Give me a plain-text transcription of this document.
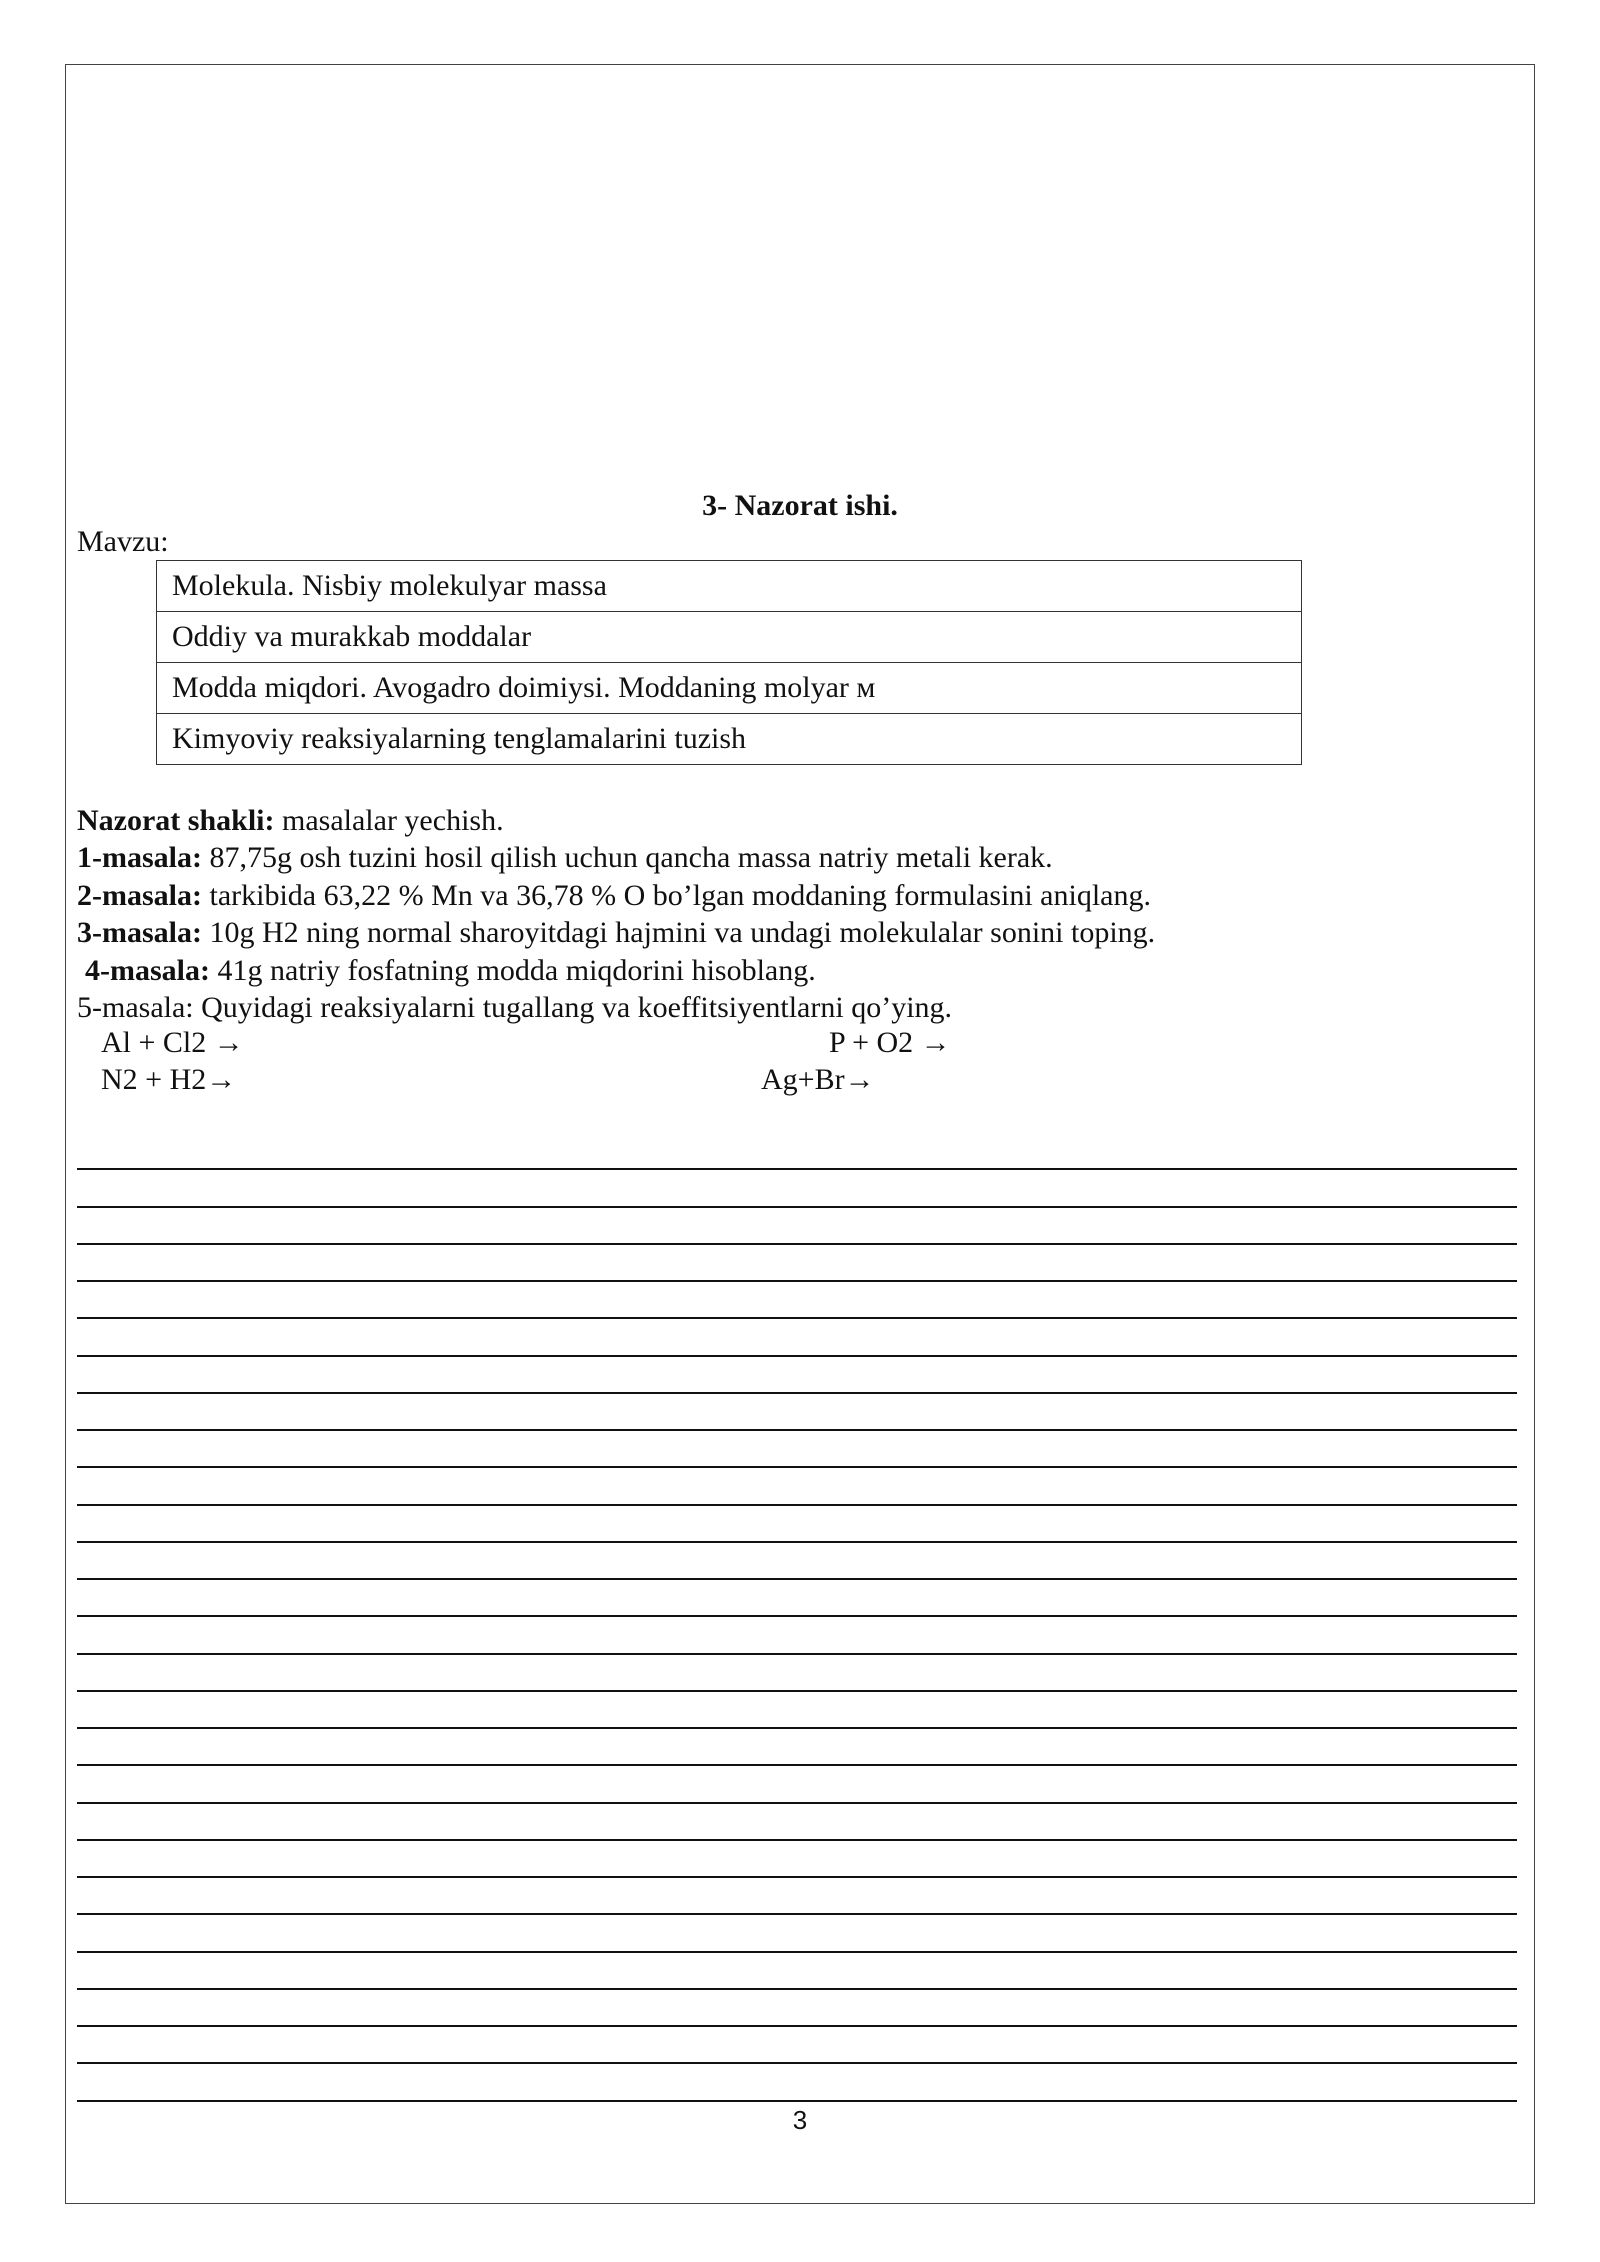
3- Nazorat ishi.
Mavzu:
Molekula. Nisbiy molekulyar massa
Oddiy va murakkab moddalar
Modda miqdori. Avogadro doimiysi. Moddaning molyar м
Kimyoviy reaksiyalarning tenglamalarini tuzish

Nazorat shakli: masalalar yechish.

1-masala: 87,75g osh tuzini hosil qilish uchun qancha massa natriy metali kerak.

2-masala: tarkibida 63,22 % Mn va 36,78 % O bo’lgan moddaning formulasini aniqlang.

3-masala: 10g H2 ning normal sharoyitdagi hajmini va undagi molekulalar sonini toping.

4-masala: 41g natriy fosfatning modda miqdorini hisoblang.

5-masala: Quyidagi reaksiyalarni tugallang va koeffitsiyentlarni qo’ying.

Al + Cl2 →	P + O2 →
N2 + H2→	Ag+Br→
3
